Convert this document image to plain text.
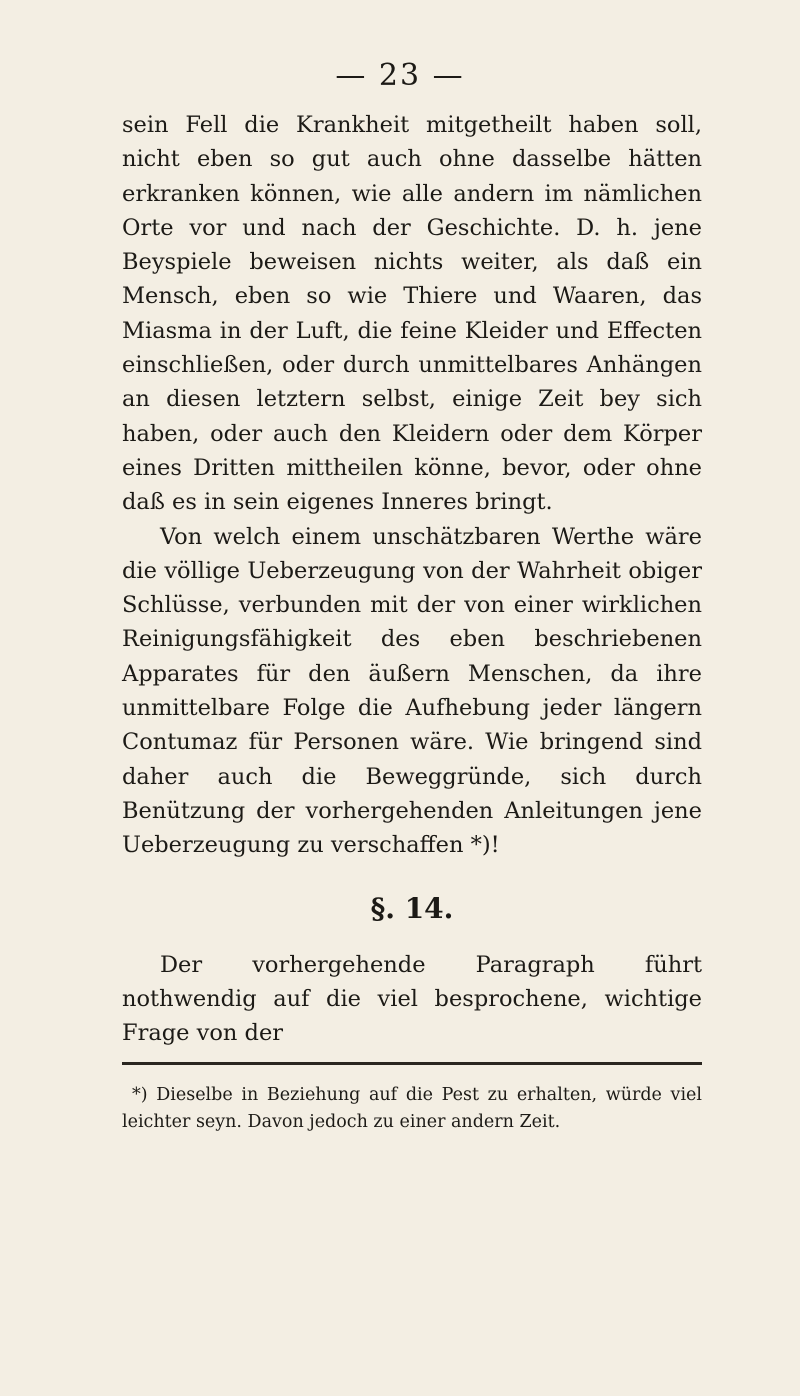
— 23 —

sein Fell die Krankheit mitgetheilt haben soll, nicht eben so gut auch ohne dasselbe hätten erkranken können, wie alle andern im nämlichen Orte vor und nach der Geschichte. D. h. jene Beyspiele beweisen nichts weiter, als daß ein Mensch, eben so wie Thiere und Waaren, das Miasma in der Luft, die feine Kleider und Effecten einschließen, oder durch unmittelbares Anhängen an diesen letztern selbst, einige Zeit bey sich haben, oder auch den Kleidern oder dem Körper eines Dritten mittheilen könne, bevor, oder ohne daß es in sein eigenes Inneres bringt.

Von welch einem unschätzbaren Werthe wäre die völlige Ueberzeugung von der Wahrheit obiger Schlüsse, verbunden mit der von einer wirklichen Reinigungsfähigkeit des eben beschriebenen Apparates für den äußern Menschen, da ihre unmittelbare Folge die Aufhebung jeder längern Contumaz für Personen wäre. Wie bringend sind daher auch die Beweggründe, sich durch Benützung der vorhergehenden Anleitungen jene Ueberzeugung zu verschaffen *)!

§. 14.

Der vorhergehende Paragraph führt nothwendig auf die viel besprochene, wichtige Frage von der

*) Dieselbe in Beziehung auf die Pest zu erhalten, würde viel leichter seyn. Davon jedoch zu einer andern Zeit.
